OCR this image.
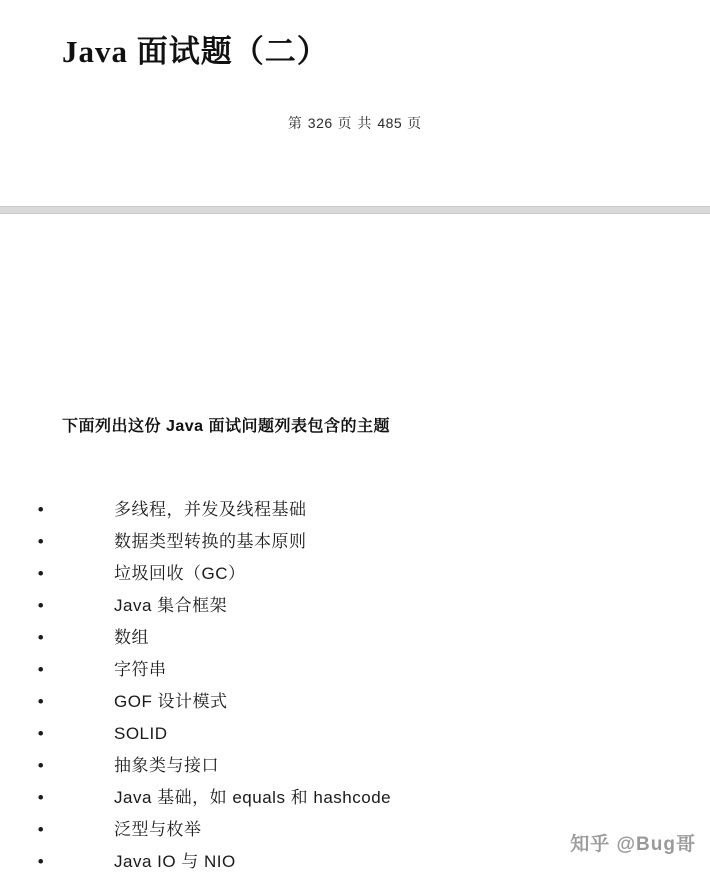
Java 面试题（二）
第 326 页 共 485 页
下面列出这份 Java 面试问题列表包含的主题
•	多线程，并发及线程基础
•	数据类型转换的基本原则
•	垃圾回收（GC）
•	Java 集合框架
•	数组
•	字符串
•	GOF 设计模式
•	SOLID
•	抽象类与接口
•	Java 基础，如 equals 和 hashcode
•	泛型与枚举
•	Java IO 与 NIO
知乎 @Bug哥
